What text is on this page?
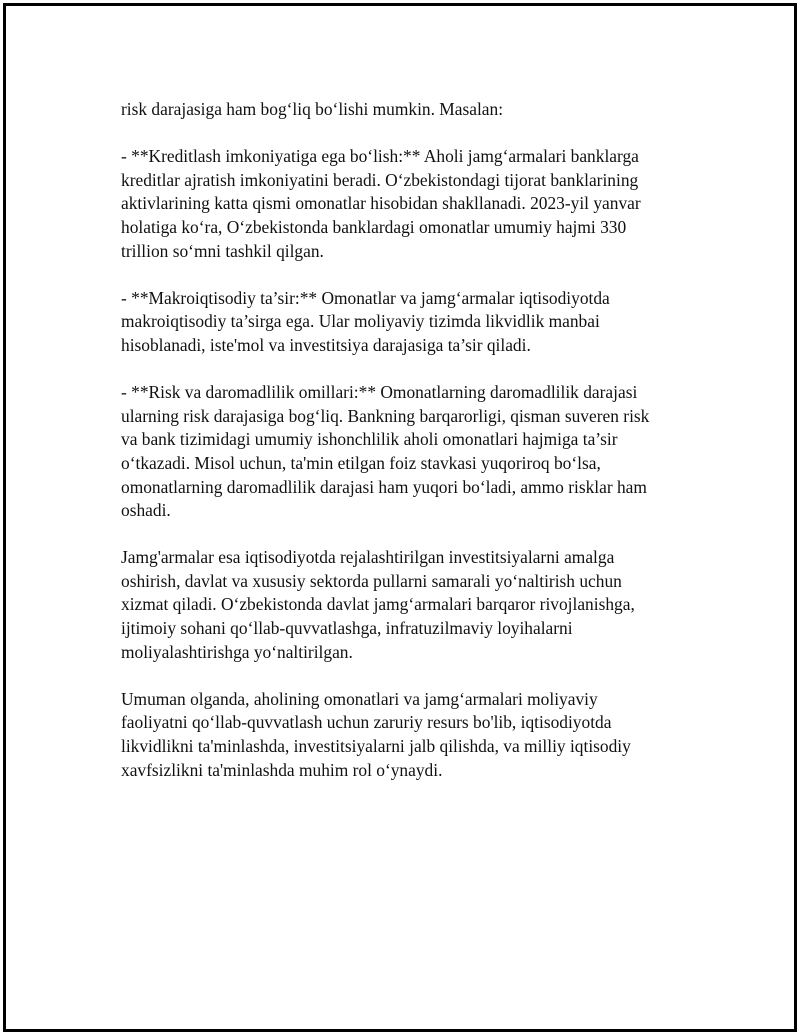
risk darajasiga ham bog‘liq bo‘lishi mumkin. Masalan:

- **Kreditlash imkoniyatiga ega bo‘lish:** Aholi jamg‘armalari banklarga
kreditlar ajratish imkoniyatini beradi. O‘zbekistondagi tijorat banklarining
aktivlarining katta qismi omonatlar hisobidan shakllanadi. 2023-yil yanvar
holatiga ko‘ra, O‘zbekistonda banklardagi omonatlar umumiy hajmi 330
trillion so‘mni tashkil qilgan.

- **Makroiqtisodiy ta’sir:** Omonatlar va jamg‘armalar iqtisodiyotda
makroiqtisodiy ta’sirga ega. Ular moliyaviy tizimda likvidlik manbai
hisoblanadi, iste'mol va investitsiya darajasiga ta’sir qiladi.

- **Risk va daromadlilik omillari:** Omonatlarning daromadlilik darajasi
ularning risk darajasiga bog‘liq. Bankning barqarorligi, qisman suveren risk
va bank tizimidagi umumiy ishonchlilik aholi omonatlari hajmiga ta’sir
o‘tkazadi. Misol uchun, ta'min etilgan foiz stavkasi yuqoriroq bo‘lsa,
omonatlarning daromadlilik darajasi ham yuqori bo‘ladi, ammo risklar ham
oshadi.

Jamg'armalar esa iqtisodiyotda rejalashtirilgan investitsiyalarni amalga
oshirish, davlat va xususiy sektorda pullarni samarali yo‘naltirish uchun
xizmat qiladi. O‘zbekistonda davlat jamg‘armalari barqaror rivojlanishga,
ijtimoiy sohani qo‘llab-quvvatlashga, infratuzilmaviy loyihalarni
moliyalashtirishga yo‘naltirilgan.

Umuman olganda, aholining omonatlari va jamg‘armalari moliyaviy
faoliyatni qo‘llab-quvvatlash uchun zaruriy resurs bo'lib, iqtisodiyotda
likvidlikni ta'minlashda, investitsiyalarni jalb qilishda, va milliy iqtisodiy
xavfsizlikni ta'minlashda muhim rol o‘ynaydi.
